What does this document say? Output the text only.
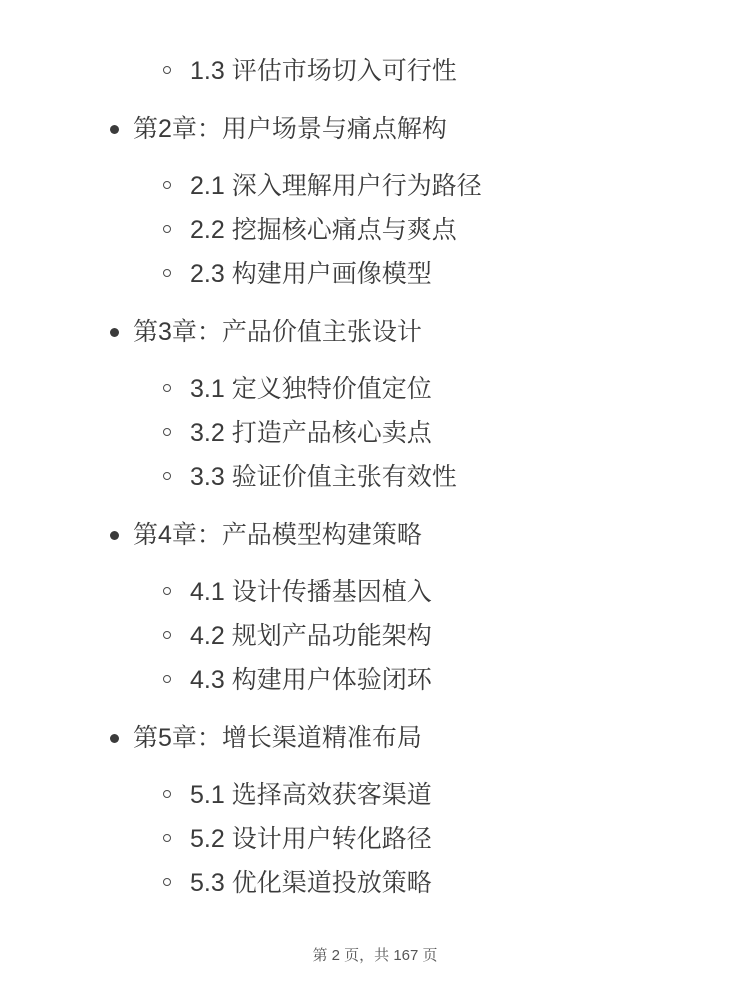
1.3 评估市场切入可行性
第2章：用户场景与痛点解构
2.1 深入理解用户行为路径
2.2 挖掘核心痛点与爽点
2.3 构建用户画像模型
第3章：产品价值主张设计
3.1 定义独特价值定位
3.2 打造产品核心卖点
3.3 验证价值主张有效性
第4章：产品模型构建策略
4.1 设计传播基因植入
4.2 规划产品功能架构
4.3 构建用户体验闭环
第5章：增长渠道精准布局
5.1 选择高效获客渠道
5.2 设计用户转化路径
5.3 优化渠道投放策略
第 2 页，共 167 页
